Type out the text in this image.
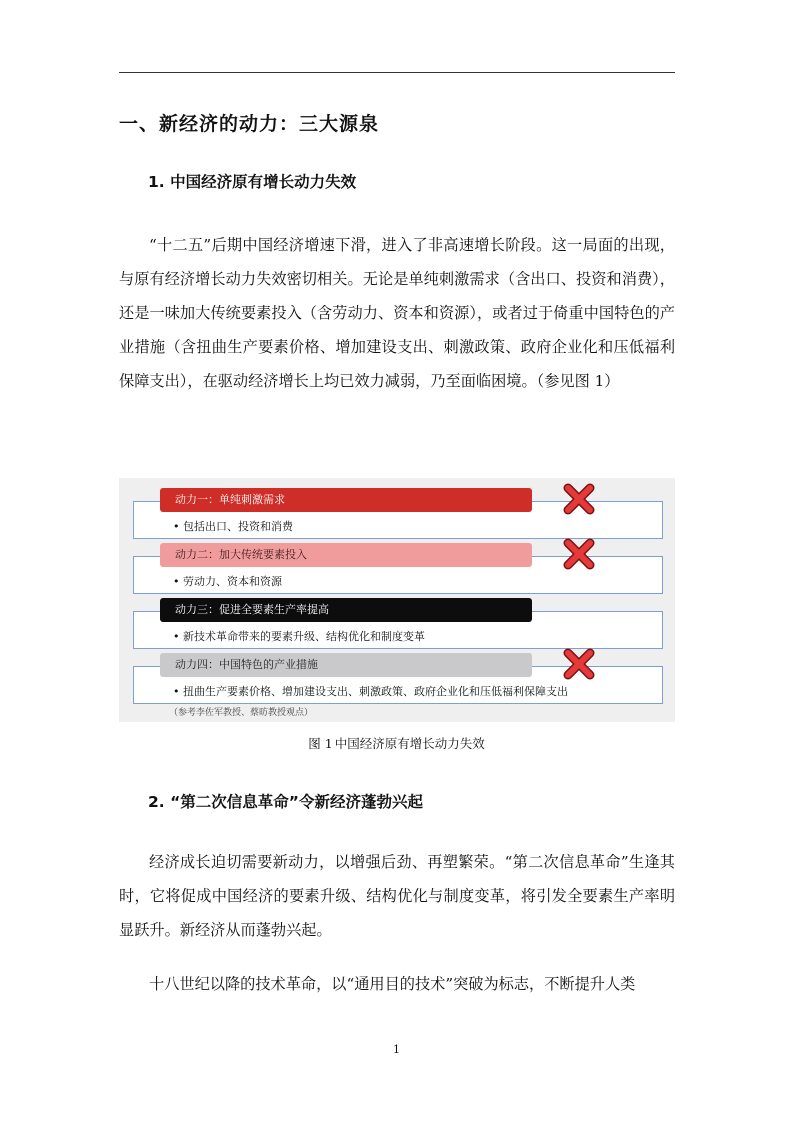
一、新经济的动力：三大源泉
1. 中国经济原有增长动力失效

“十二五”后期中国经济增速下滑，进入了非高速增长阶段。这一局面的出现，与原有经济增长动力失效密切相关。无论是单纯刺激需求（含出口、投资和消费），还是一味加大传统要素投入（含劳动力、资本和资源），或者过于倚重中国特色的产业措施（含扭曲生产要素价格、增加建设支出、刺激政策、政府企业化和压低福利保障支出），在驱动经济增长上均已效力减弱，乃至面临困境。（参见图 1）

动力一：单纯刺激需求
• 包括出口、投资和消费
动力二：加大传统要素投入
• 劳动力、资本和资源
动力三：促进全要素生产率提高
• 新技术革命带来的要素升级、结构优化和制度变革
动力四：中国特色的产业措施
• 扭曲生产要素价格、增加建设支出、刺激政策、政府企业化和压低福利保障支出
（参考李佐军教授、蔡昉教授观点）
图 1 中国经济原有增长动力失效
2. “第二次信息革命”令新经济蓬勃兴起

经济成长迫切需要新动力，以增强后劲、再塑繁荣。“第二次信息革命”生逢其时，它将促成中国经济的要素升级、结构优化与制度变革，将引发全要素生产率明显跃升。新经济从而蓬勃兴起。

十八世纪以降的技术革命，以“通用目的技术”突破为标志，不断提升人类

1
